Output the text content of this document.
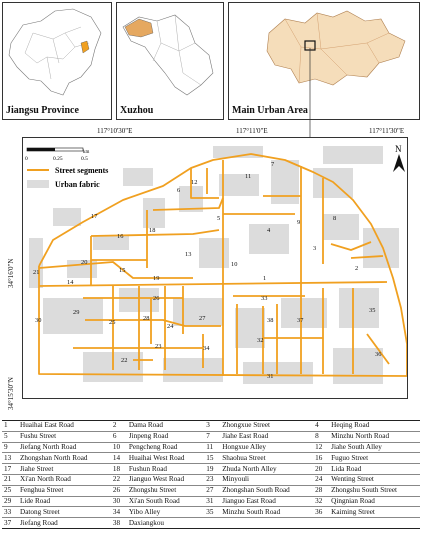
Jiangsu Province	Xuzhou	Main Urban Area
117°10'30"E	117°11'0"E	117°11'30"E
34°16'0"N
34°15'30"N
1
2
3
4
5
6
7
8
9
10
11
12
13
14
15
16
17
18
19
20
21
22
23
24
25
26
27
28
29
30
31
32
33
34
35
36
37
38
0	0.25	0.5
km
Street segments
Urban fabric
N
1	Huaihai East Road	2	Dama Road	3	Zhongxue Street	4	Heqing Road
5	Fushu Street	6	Jinpeng Road	7	Jiahe East Road	8	Minzhu North Road
9	Jiefang North Road	10	Pengcheng Road	11	Hongxue Alley	12	Jiahe South Alley
13	Zhongshan North Road	14	Huaihai West Road	15	Shaohua Street	16	Fuguo Street
17	Jiahe Street	18	Fushun Road	19	Zhuda North Alley	20	Lida Road
21	Xi'an North Road	22	Jianguo West Road	23	Minyouli	24	Wenting Street
25	Fenghua Street	26	Zhongshu Street	27	Zhongshan South Road	28	Zhongshu South Street
29	Lide Road	30	Xi'an South Road	31	Jianguo East Road	32	Qingnian Road
33	Datong Street	34	Yibo Alley	35	Minzhu South Road	36	Kaiming Street
37	Jiefang Road	38	Daxiangkou				
